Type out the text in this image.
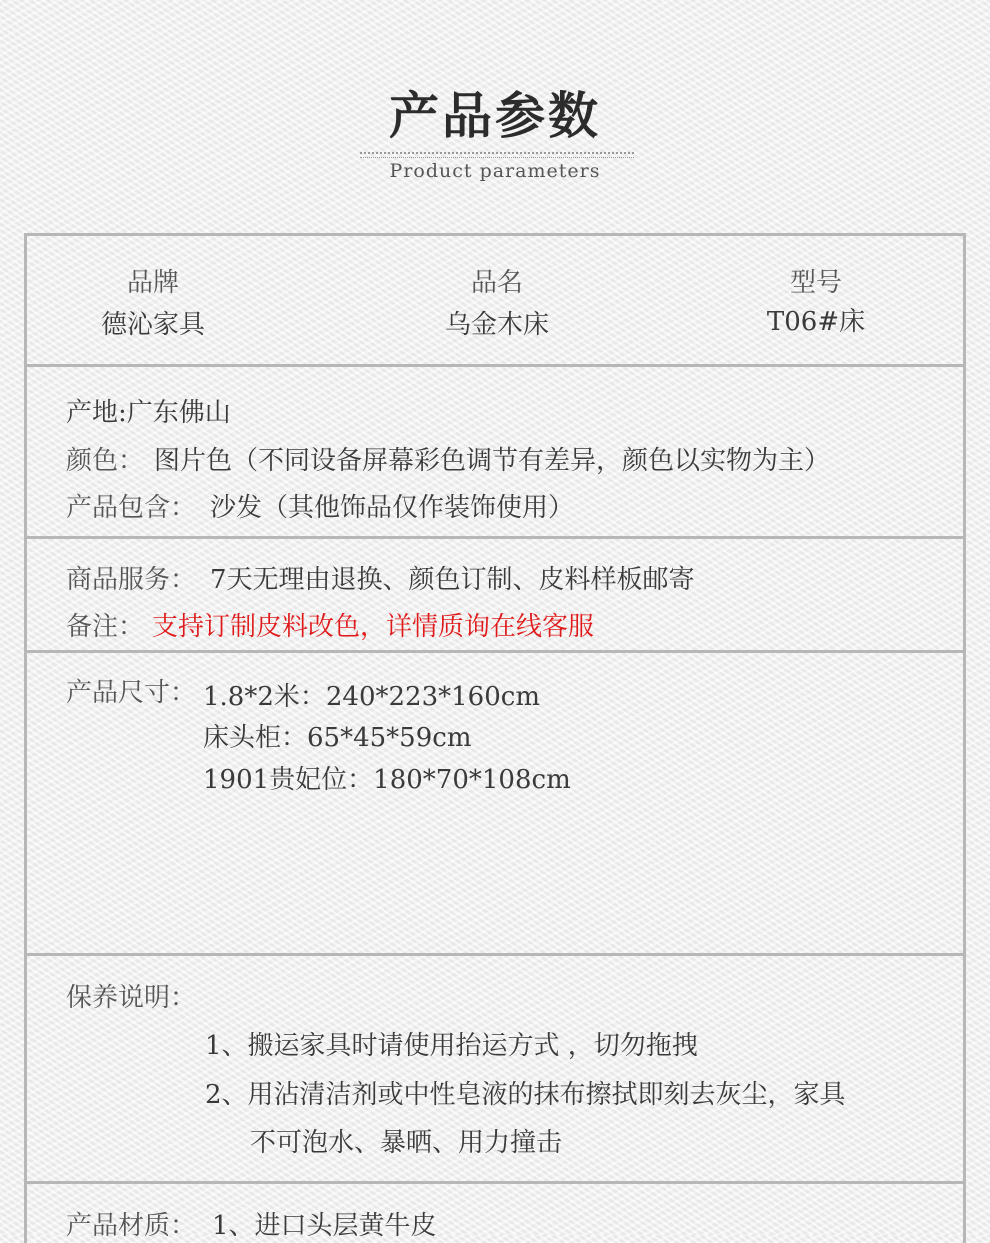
产品参数
Product parameters
品牌
德沁家具
品名
乌金木床
型号
T06#床
产地:广东佛山
颜色： 图片色（不同设备屏幕彩色调节有差异，颜色以实物为主）
产品包含： 沙发（其他饰品仅作装饰使用）
商品服务： 7天无理由退换、颜色订制、皮料样板邮寄
备注： 支持订制皮料改色，详情质询在线客服
产品尺寸： 1.8*2米：240*223*160cm
床头柜：65*45*59cm
1901贵妃位：180*70*108cm
保养说明：
1、搬运家具时请使用抬运方式 ，切勿拖拽
2、用沾清洁剂或中性皂液的抹布擦拭即刻去灰尘，家具
不可泡水、暴晒、用力撞击
产品材质： 1、进口头层黄牛皮
